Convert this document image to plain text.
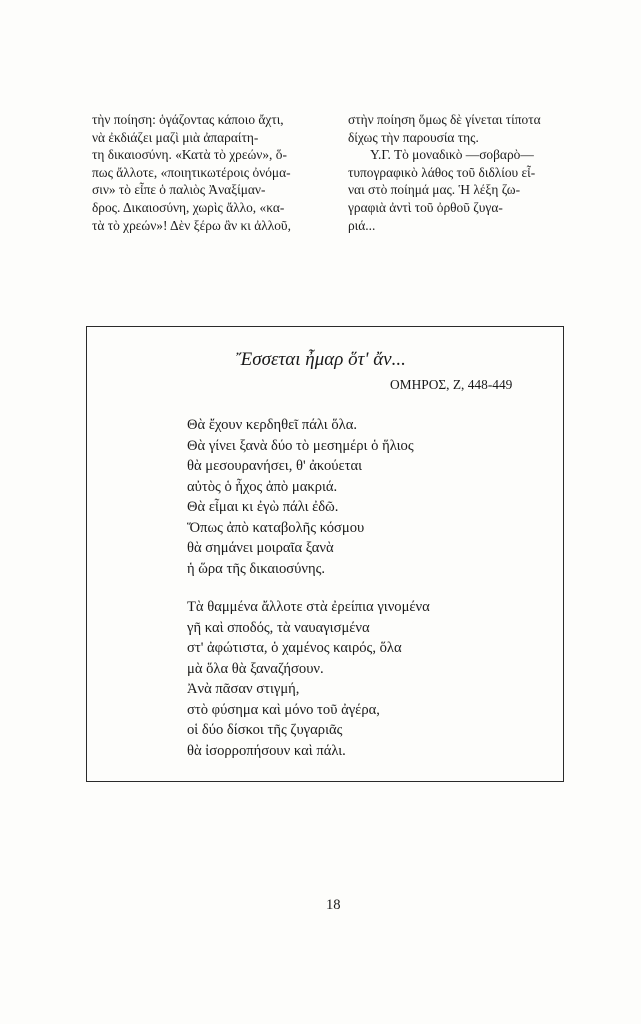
τὴν ποίηση: ὁγάζοντας κάποιο ἄχτι,
νὰ ἐκδιάζει μαζὶ μιὰ ἀπαραίτη-
τη δικαιοσύνη. «Κατὰ τὸ χρεών», ὅ-
πως ἄλλοτε, «ποιητικωτέροις ὀνόμα-
σιν» τὸ εἶπε ὁ παλιὸς Ἀναξίμαν-
δρος. Δικαιοσύνη, χωρὶς ἄλλο, «κα-
τὰ τὸ χρεών»! Δὲν ξέρω ἂν κι ἀλλοῦ,
στὴν ποίηση ὅμως δὲ γίνεται τίποτα
δίχως τὴν παρουσία της.
Υ.Γ. Τὸ μοναδικὸ —σοβαρὸ—
τυπογραφικὸ λάθος τοῦ διδλίου εἶ-
ναι στὸ ποίημά μας. Ἡ λέξη ζω-
γραφιὰ ἀντὶ τοῦ ὀρθοῦ ζυγα-
ριά...
Ἔσσεται ἦμαρ ὅτ' ἄν...
ΟΜΗΡΟΣ, Ζ, 448-449
Θὰ ἔχουν κερδηθεῖ πάλι ὅλα.
Θὰ γίνει ξανὰ δύο τὸ μεσημέρι ὁ ἥλιος
θὰ μεσουρανήσει, θ' ἀκούεται
αὐτὸς ὁ ἦχος ἀπὸ μακριά.
Θὰ εἶμαι κι ἐγὼ πάλι ἐδῶ.
Ὅπως ἀπὸ καταβολῆς κόσμου
θὰ σημάνει μοιραῖα ξανὰ
ἡ ὥρα τῆς δικαιοσύνης.
Τὰ θαμμένα ἄλλοτε στὰ ἐρείπια γινομένα
γῆ καὶ σποδός, τὰ ναυαγισμένα
στ' ἀφώτιστα, ὁ χαμένος καιρός, ὅλα
μὰ ὅλα θὰ ξαναζήσουν.
Ἀνὰ πᾶσαν στιγμή,
στὸ φύσημα καὶ μόνο τοῦ ἀγέρα,
οἱ δύο δίσκοι τῆς ζυγαριᾶς
θὰ ἰσορροπήσουν καὶ πάλι.
18
